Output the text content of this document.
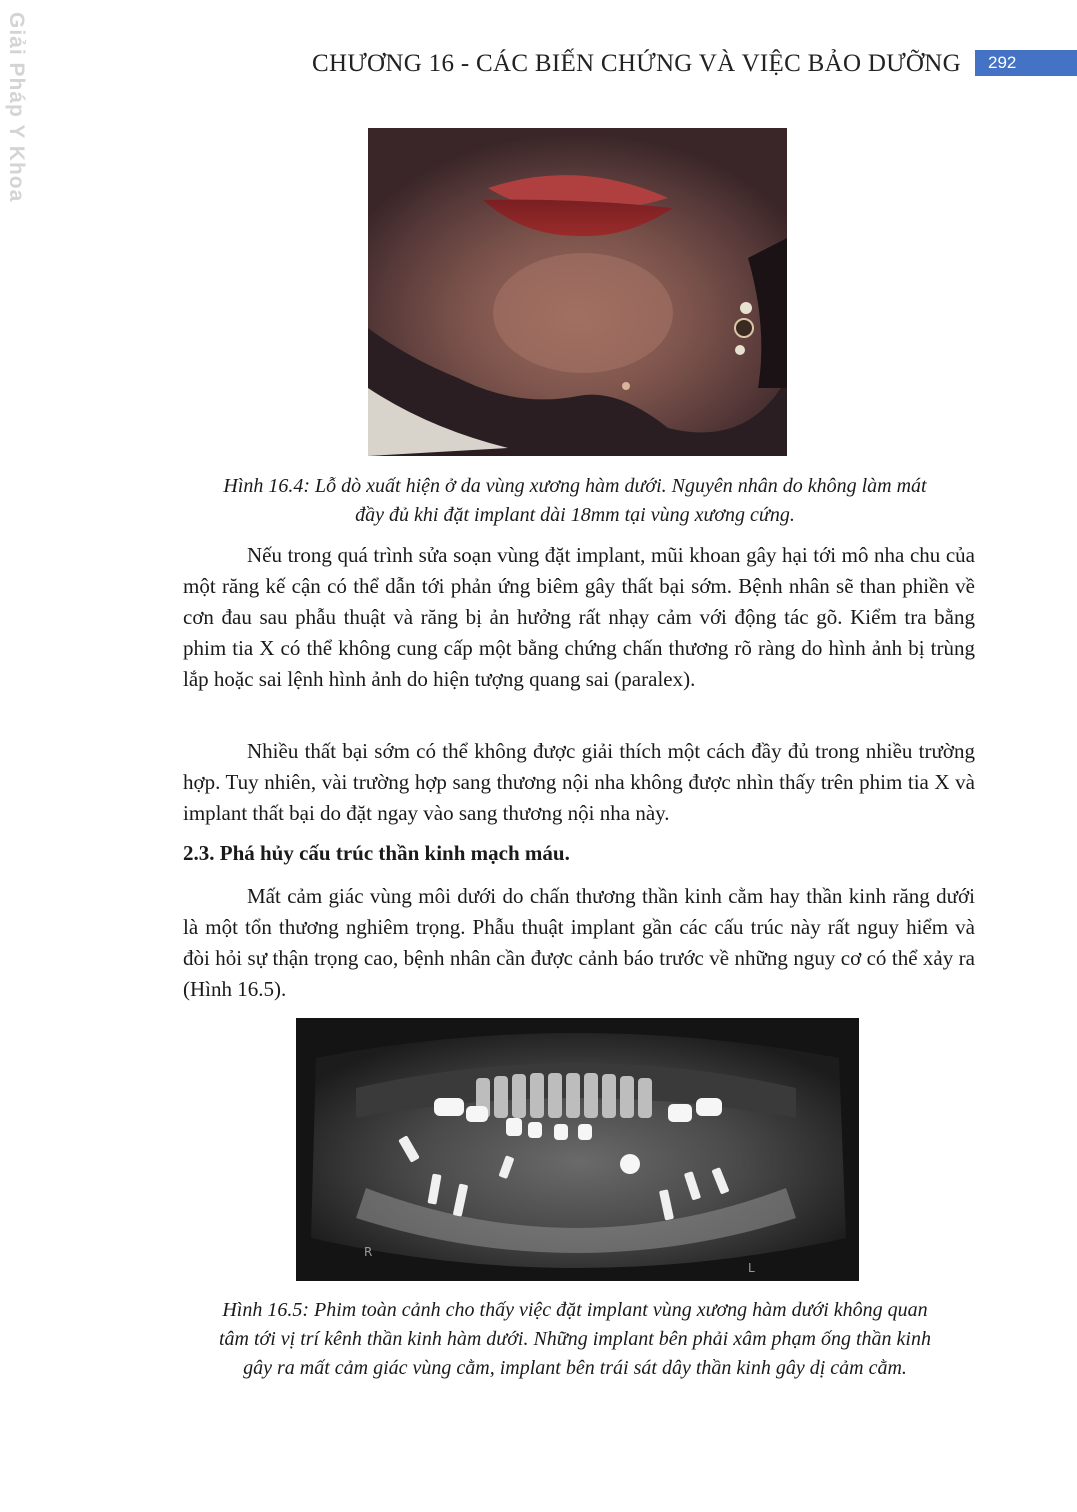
Giải Pháp Y Khoa	CHƯƠNG 16 - CÁC BIẾN CHỨNG VÀ VIỆC BẢO DƯỠNG	292
Hình 16.4: Lỗ dò xuất hiện ở da vùng xương hàm dưới. Nguyên nhân do không làm mát
đầy đủ khi đặt implant dài 18mm tại vùng xương cứng.

Nếu trong quá trình sửa soạn vùng đặt implant, mũi khoan gây hại tới mô nha chu của một răng kế cận có thể dẫn tới phản ứng biêm gây thất bại sớm. Bệnh nhân sẽ than phiền về cơn đau sau phẫu thuật và răng bị ản hưởng rất nhạy cảm với động tác gõ. Kiểm tra bằng phim tia X có thể không cung cấp một bằng chứng chấn thương rõ ràng do hình ảnh bị trùng lắp hoặc sai lệnh hình ảnh do hiện tượng quang sai (paralex).

Nhiều thất bại sớm có thể không được giải thích một cách đầy đủ trong nhiều trường hợp. Tuy nhiên, vài trường hợp sang thương nội nha không được nhìn thấy trên phim tia X và implant thất bại do đặt ngay vào sang thương nội nha này.

2.3. Phá hủy cấu trúc thần kinh mạch máu.

Mất cảm giác vùng môi dưới do chấn thương thần kinh cằm hay thần kinh răng dưới là một tổn thương nghiêm trọng. Phẫu thuật implant gần các cấu trúc này rất nguy hiểm và đòi hỏi sự thận trọng cao, bệnh nhân cần được cảnh báo trước về những nguy cơ có thể xảy ra (Hình 16.5).

R
L
Hình 16.5: Phim toàn cảnh cho thấy việc đặt implant vùng xương hàm dưới không quan
tâm tới vị trí kênh thần kinh hàm dưới. Những implant bên phải xâm phạm ống thần kinh
gây ra mất cảm giác vùng cằm, implant bên trái sát dây thần kinh gây dị cảm cằm.
